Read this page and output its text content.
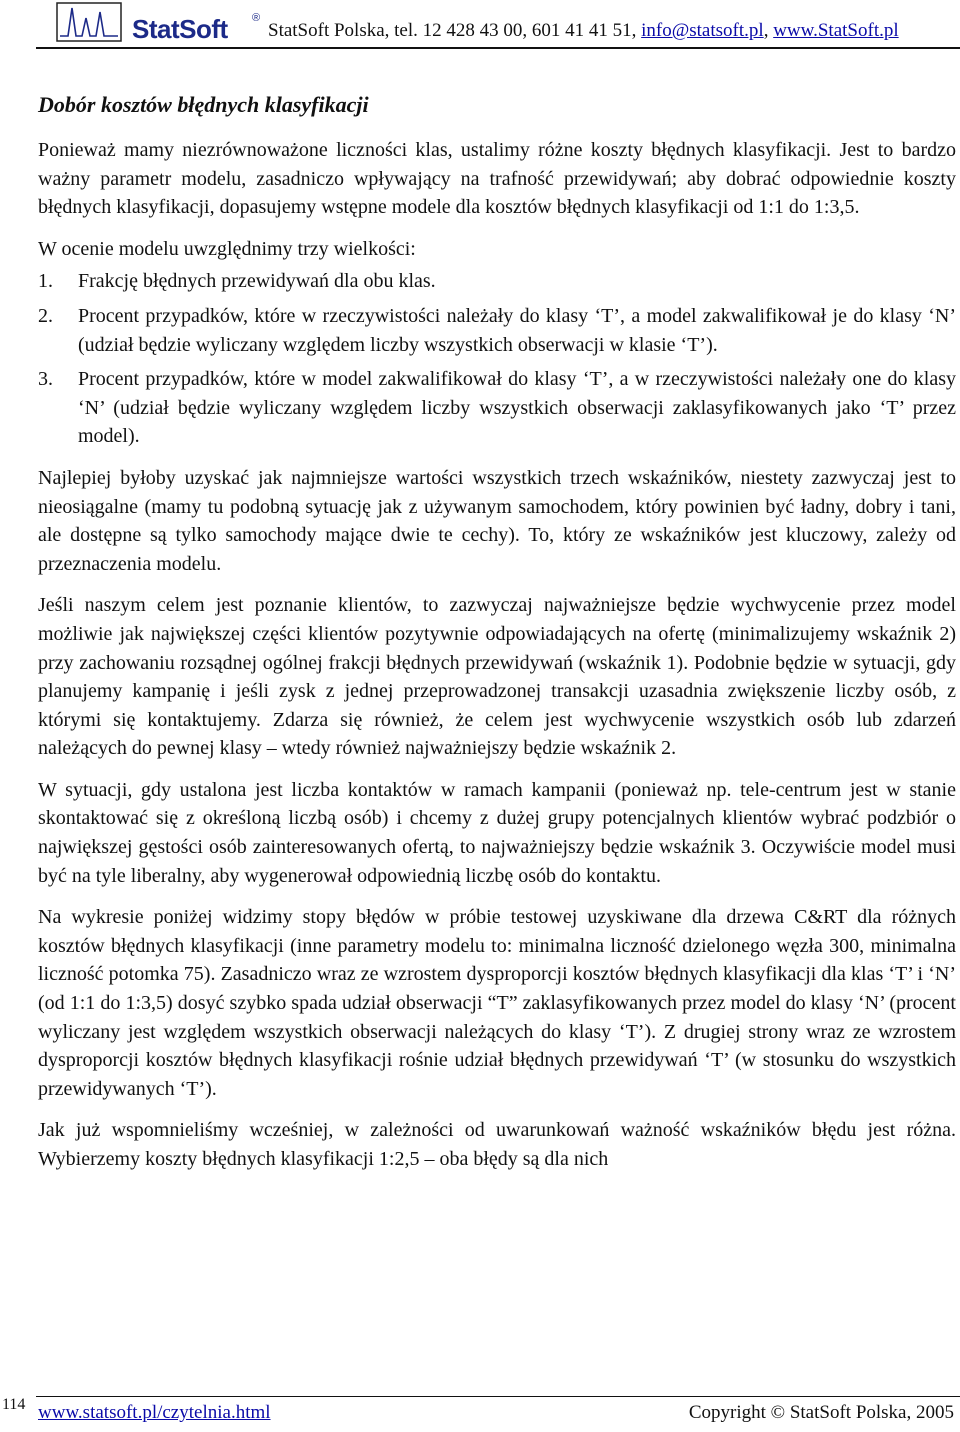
StatSoft ®
StatSoft Polska, tel. 12 428 43 00, 601 41 41 51, info@statsoft.pl, www.StatSoft.pl
Dobór kosztów błędnych klasyfikacji

Ponieważ mamy niezrównoważone liczności klas, ustalimy różne koszty błędnych klasyfikacji. Jest to bardzo ważny parametr modelu, zasadniczo wpływający na trafność przewidywań; aby dobrać odpowiednie koszty błędnych klasyfikacji, dopasujemy wstępne modele dla kosztów błędnych klasyfikacji od 1:1 do 1:3,5.

W ocenie modelu uwzględnimy trzy wielkości:

1. Frakcję błędnych przewidywań dla obu klas.
2. Procent przypadków, które w rzeczywistości należały do klasy ‘T’, a model zakwalifikował je do klasy ‘N’ (udział będzie wyliczany względem liczby wszystkich obserwacji w klasie ‘T’).
3. Procent przypadków, które w model zakwalifikował do klasy ‘T’, a w rzeczywistości należały one do klasy ‘N’ (udział będzie wyliczany względem liczby wszystkich obserwacji zaklasyfikowanych jako ‘T’ przez model).

Najlepiej byłoby uzyskać jak najmniejsze wartości wszystkich trzech wskaźników, niestety zazwyczaj jest to nieosiągalne (mamy tu podobną sytuację jak z używanym samochodem, który powinien być ładny, dobry i tani, ale dostępne są tylko samochody mające dwie te cechy). To, który ze wskaźników jest kluczowy, zależy od przeznaczenia modelu.

Jeśli naszym celem jest poznanie klientów, to zazwyczaj najważniejsze będzie wychwycenie przez model możliwie jak największej części klientów pozytywnie odpowiadających na ofertę (minimalizujemy wskaźnik 2) przy zachowaniu rozsądnej ogólnej frakcji błędnych przewidywań (wskaźnik 1). Podobnie będzie w sytuacji, gdy planujemy kampanię i jeśli zysk z jednej przeprowadzonej transakcji uzasadnia zwiększenie liczby osób, z którymi się kontaktujemy. Zdarza się również, że celem jest wychwycenie wszystkich osób lub zdarzeń należących do pewnej klasy – wtedy również najważniejszy będzie wskaźnik 2.

W sytuacji, gdy ustalona jest liczba kontaktów w ramach kampanii (ponieważ np. tele-centrum jest w stanie skontaktować się z określoną liczbą osób) i chcemy z dużej grupy potencjalnych klientów wybrać podzbiór o największej gęstości osób zainteresowanych ofertą, to najważniejszy będzie wskaźnik 3. Oczywiście model musi być na tyle liberalny, aby wygenerował odpowiednią liczbę osób do kontaktu.

Na wykresie poniżej widzimy stopy błędów w próbie testowej uzyskiwane dla drzewa C&RT dla różnych kosztów błędnych klasyfikacji (inne parametry modelu to: minimalna liczność dzielonego węzła 300, minimalna liczność potomka 75). Zasadniczo wraz ze wzrostem dysproporcji kosztów błędnych klasyfikacji dla klas ‘T’ i ‘N’ (od 1:1 do 1:3,5) dosyć szybko spada udział obserwacji “T” zaklasyfikowanych przez model do klasy ‘N’ (procent wyliczany jest względem wszystkich obserwacji należących do klasy ‘T’). Z drugiej strony wraz ze wzrostem dysproporcji kosztów błędnych klasyfikacji rośnie udział błędnych przewidywań ‘T’ (w stosunku do wszystkich przewidywanych ‘T’).

Jak już wspomnieliśmy wcześniej, w zależności od uwarunkowań ważność wskaźników błędu jest różna. Wybierzemy koszty błędnych klasyfikacji 1:2,5 – oba błędy są dla nich

114 www.statsoft.pl/czytelnia.html	Copyright © StatSoft Polska, 2005
